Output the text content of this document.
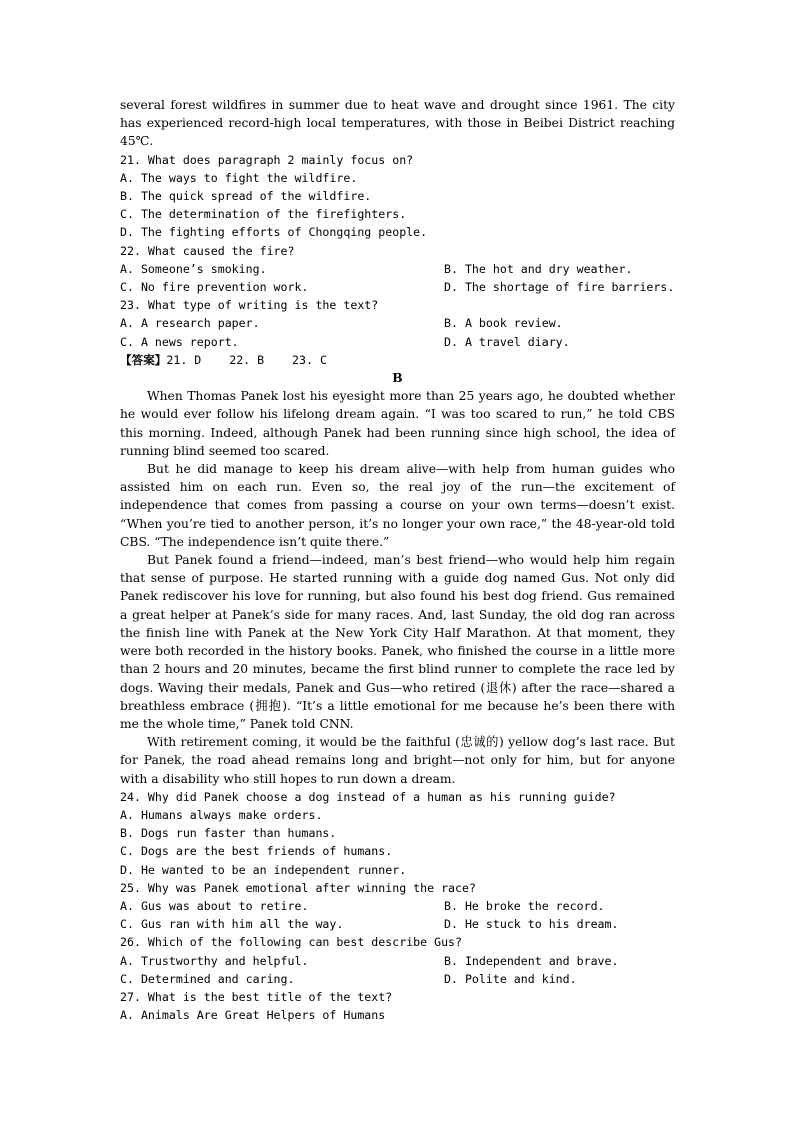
several forest wildfires in summer due to heat wave and drought since 1961. The city has experienced record-high local temperatures, with those in Beibei District reaching 45℃.

21. What does paragraph 2 mainly focus on?

A. The ways to fight the wildfire.

B. The quick spread of the wildfire.

C. The determination of the firefighters.

D. The fighting efforts of Chongqing people.

22. What caused the fire?

A. Someone’s smoking.	B. The hot and dry weather.
C. No fire prevention work.	D. The shortage of fire barriers.

23. What type of writing is the text?

A. A research paper.	B. A book review.
C. A news report.	D. A travel diary.

【答案】21. D    22. B    23. C

B

When Thomas Panek lost his eyesight more than 25 years ago, he doubted whether he would ever follow his lifelong dream again. “I was too scared to run,” he told CBS this morning. Indeed, although Panek had been running since high school, the idea of running blind seemed too scared.

But he did manage to keep his dream alive—with help from human guides who assisted him on each run. Even so, the real joy of the run—the excitement of independence that comes from passing a course on your own terms—doesn’t exist. “When you’re tied to another person, it’s no longer your own race,” the 48-year-old told CBS. “The independence isn’t quite there.”

But Panek found a friend—indeed, man’s best friend—who would help him regain that sense of purpose. He started running with a guide dog named Gus. Not only did Panek rediscover his love for running, but also found his best dog friend. Gus remained a great helper at Panek’s side for many races. And, last Sunday, the old dog ran across the finish line with Panek at the New York City Half Marathon. At that moment, they were both recorded in the history books. Panek, who finished the course in a little more than 2 hours and 20 minutes, became the first blind runner to complete the race led by dogs. Waving their medals, Panek and Gus—who retired (退休) after the race—shared a breathless embrace (拥抱). “It’s a little emotional for me because he’s been there with me the whole time,” Panek told CNN.

With retirement coming, it would be the faithful (忠诚的) yellow dog’s last race. But for Panek, the road ahead remains long and bright—not only for him, but for anyone with a disability who still hopes to run down a dream.

24. Why did Panek choose a dog instead of a human as his running guide?

A. Humans always make orders.

B. Dogs run faster than humans.

C. Dogs are the best friends of humans.

D. He wanted to be an independent runner.

25. Why was Panek emotional after winning the race?

A. Gus was about to retire.	B. He broke the record.
C. Gus ran with him all the way.	D. He stuck to his dream.

26. Which of the following can best describe Gus?

A. Trustworthy and helpful.	B. Independent and brave.
C. Determined and caring.	D. Polite and kind.

27. What is the best title of the text?

A. Animals Are Great Helpers of Humans
